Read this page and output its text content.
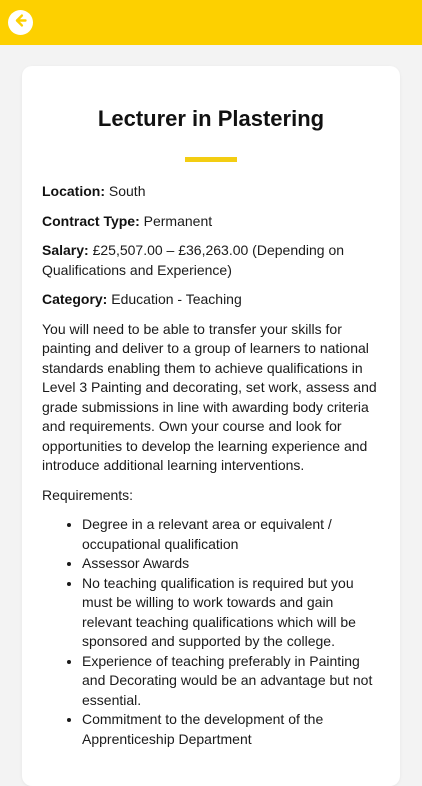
Lecturer in Plastering

Location: South

Contract Type: Permanent

Salary: £25,507.00 – £36,263.00 (Depending on Qualifications and Experience)

Category: Education - Teaching

You will need to be able to transfer your skills for painting and deliver to a group of learners to national standards enabling them to achieve qualifications in Level 3 Painting and decorating, set work, assess and grade submissions in line with awarding body criteria and requirements. Own your course and look for opportunities to develop the learning experience and introduce additional learning interventions.

Requirements:

• Degree in a relevant area or equivalent / occupational qualification
• Assessor Awards
• No teaching qualification is required but you must be willing to work towards and gain relevant teaching qualifications which will be sponsored and supported by the college.
• Experience of teaching preferably in Painting and Decorating would be an advantage but not essential.
• Commitment to the development of the Apprenticeship Department
